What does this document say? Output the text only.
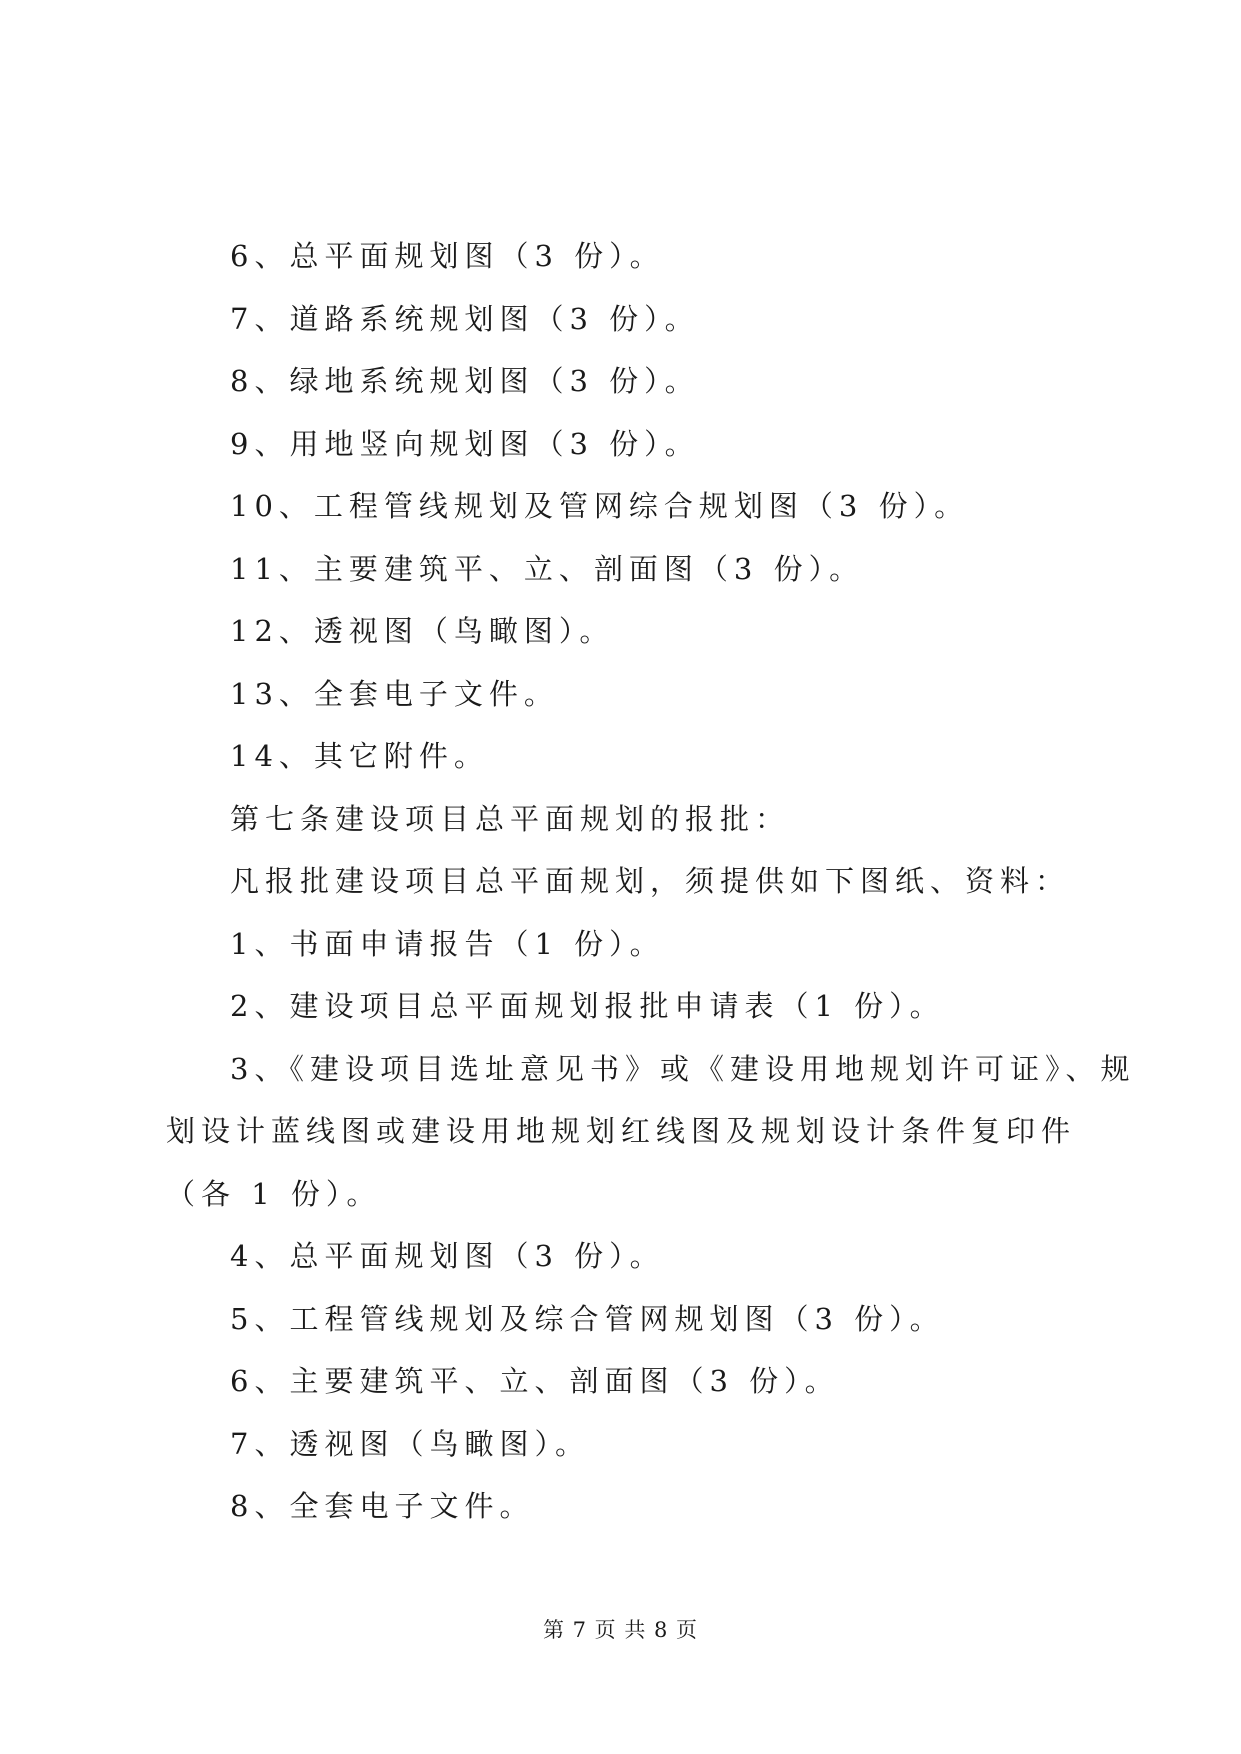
6、总平面规划图（3 份）。
7、道路系统规划图（3 份）。
8、绿地系统规划图（3 份）。
9、用地竖向规划图（3 份）。
10、工程管线规划及管网综合规划图（3 份）。
11、主要建筑平、立、剖面图（3 份）。
12、透视图（鸟瞰图）。
13、全套电子文件。
14、其它附件。
第七条建设项目总平面规划的报批：
凡报批建设项目总平面规划，须提供如下图纸、资料：
1、书面申请报告（1 份）。
2、建设项目总平面规划报批申请表（1 份）。
3、《建设项目选址意见书》或《建设用地规划许可证》、规
划设计蓝线图或建设用地规划红线图及规划设计条件复印件
（各 1 份）。
4、总平面规划图（3 份）。
5、工程管线规划及综合管网规划图（3 份）。
6、主要建筑平、立、剖面图（3 份）。
7、透视图（鸟瞰图）。
8、全套电子文件。
第 7 页 共 8 页
